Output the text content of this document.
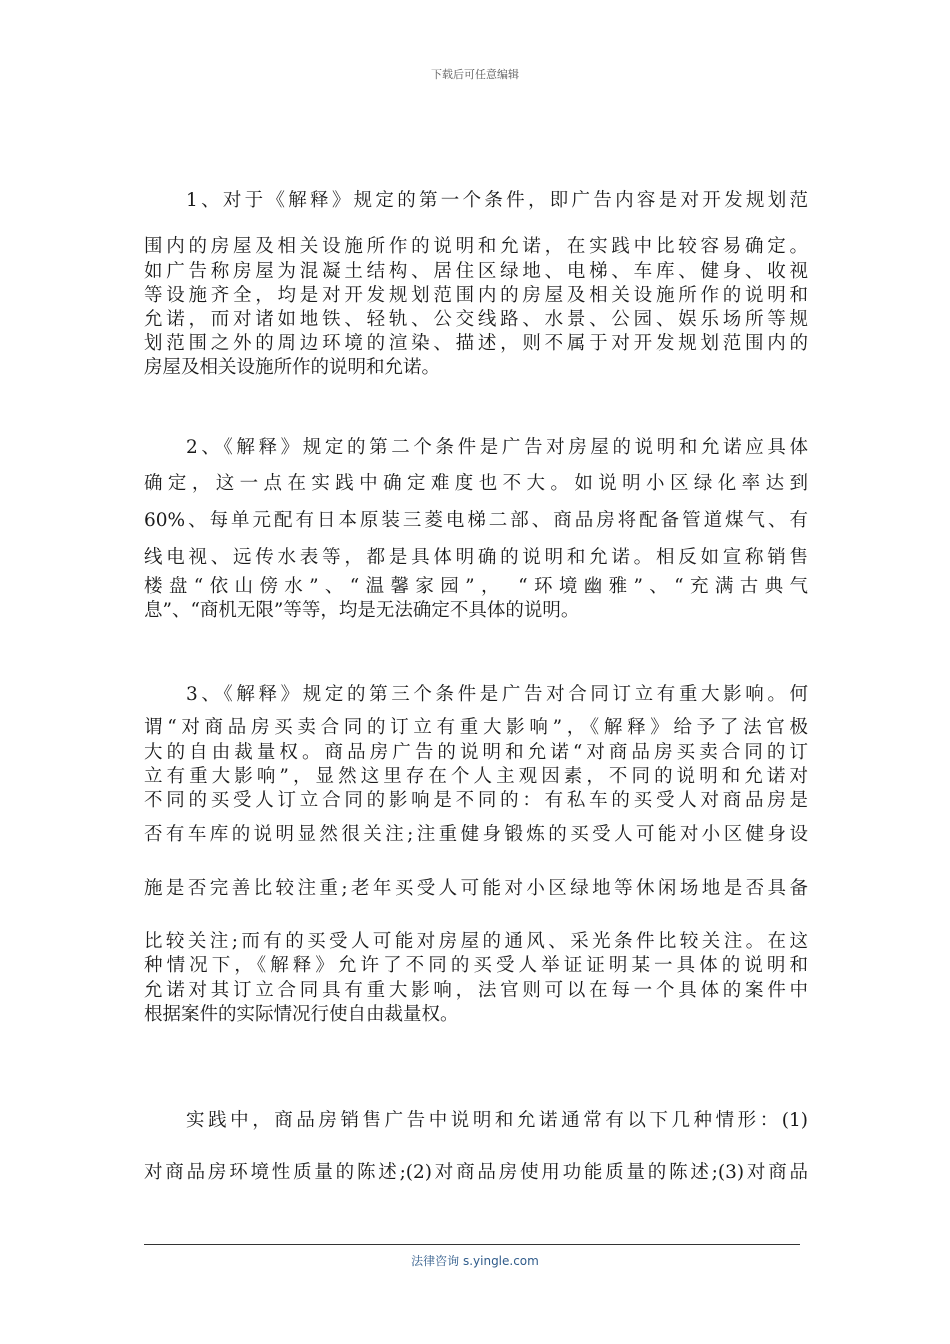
下载后可任意编辑
1、对于《解释》规定的第一个条件，即广告内容是对开发规划范
围内的房屋及相关设施所作的说明和允诺，在实践中比较容易确定。
如广告称房屋为混凝土结构、居住区绿地、电梯、车库、健身、收视
等设施齐全，均是对开发规划范围内的房屋及相关设施所作的说明和
允诺，而对诸如地铁、轻轨、公交线路、水景、公园、娱乐场所等规
划范围之外的周边环境的渲染、描述，则不属于对开发规划范围内的
房屋及相关设施所作的说明和允诺。
2、《解释》规定的第二个条件是广告对房屋的说明和允诺应具体
确定，这一点在实践中确定难度也不大。如说明小区绿化率达到
60%、每单元配有日本原装三菱电梯二部、商品房将配备管道煤气、有
线电视、远传水表等，都是具体明确的说明和允诺。相反如宣称销售
楼盘“依山傍水”、“温馨家园”， “环境幽雅”、“充满古典气
息”、“商机无限”等等，均是无法确定不具体的说明。
3、《解释》规定的第三个条件是广告对合同订立有重大影响。何
谓“对商品房买卖合同的订立有重大影响”，《解释》给予了法官极
大的自由裁量权。商品房广告的说明和允诺“对商品房买卖合同的订
立有重大影响”，显然这里存在个人主观因素，不同的说明和允诺对
不同的买受人订立合同的影响是不同的：有私车的买受人对商品房是
否有车库的说明显然很关注;注重健身锻炼的买受人可能对小区健身设
施是否完善比较注重;老年买受人可能对小区绿地等休闲场地是否具备
比较关注;而有的买受人可能对房屋的通风、采光条件比较关注。在这
种情况下，《解释》允许了不同的买受人举证证明某一具体的说明和
允诺对其订立合同具有重大影响，法官则可以在每一个具体的案件中
根据案件的实际情况行使自由裁量权。
实践中，商品房销售广告中说明和允诺通常有以下几种情形：(1)
对商品房环境性质量的陈述;(2)对商品房使用功能质量的陈述;(3)对商品
法律咨询 s.yingle.com
